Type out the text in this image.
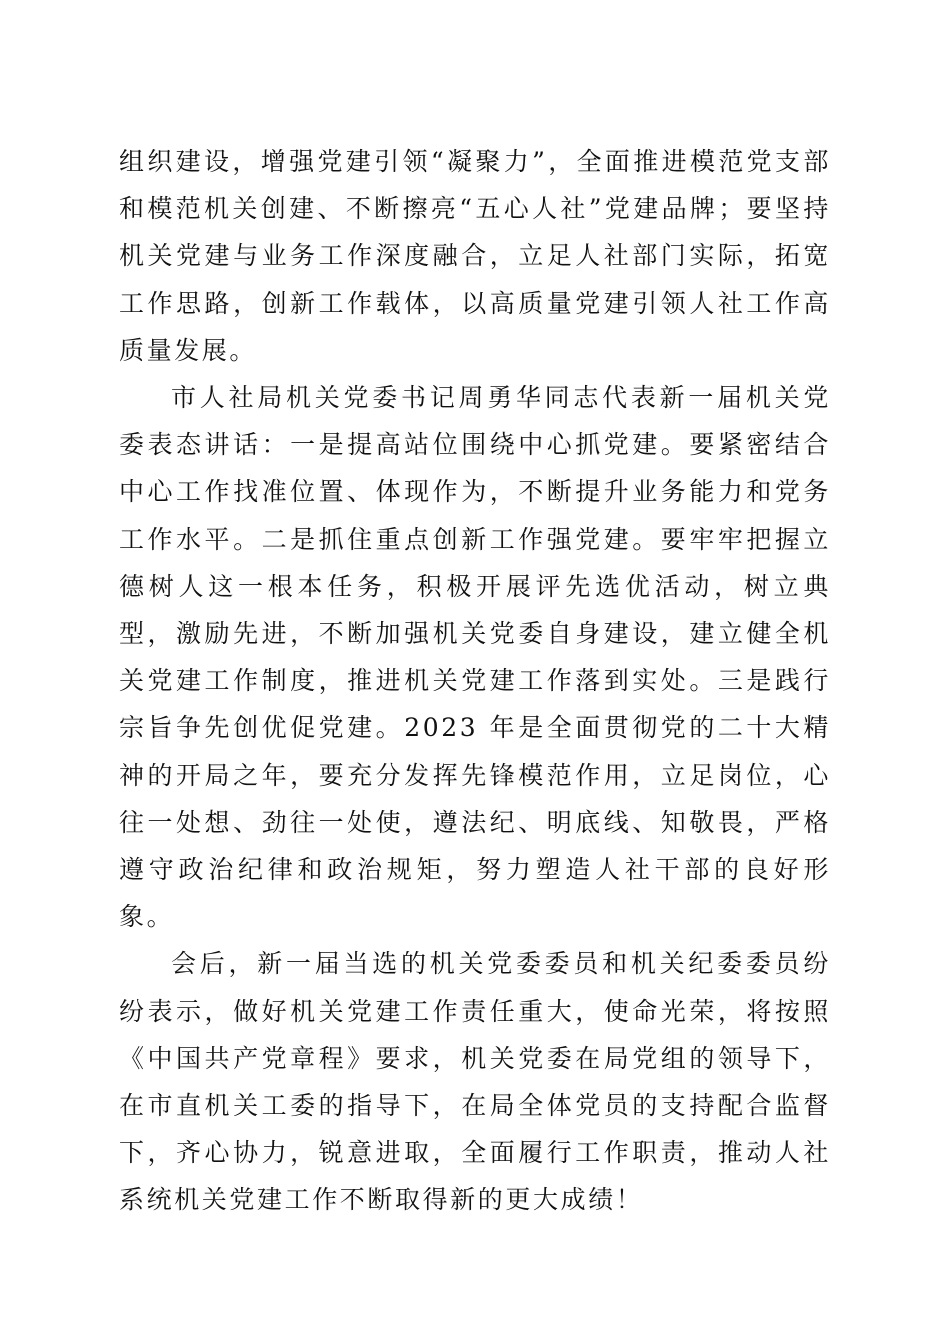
组织建设，增强党建引领“凝聚力”，全面推进模范党支部和模范机关创建、不断擦亮“五心人社”党建品牌；要坚持机关党建与业务工作深度融合，立足人社部门实际，拓宽工作思路，创新工作载体，以高质量党建引领人社工作高质量发展。

市人社局机关党委书记周勇华同志代表新一届机关党委表态讲话：一是提高站位围绕中心抓党建。要紧密结合中心工作找准位置、体现作为，不断提升业务能力和党务工作水平。二是抓住重点创新工作强党建。要牢牢把握立德树人这一根本任务，积极开展评先选优活动，树立典型，激励先进，不断加强机关党委自身建设，建立健全机关党建工作制度，推进机关党建工作落到实处。三是践行宗旨争先创优促党建。2023 年是全面贯彻党的二十大精神的开局之年，要充分发挥先锋模范作用，立足岗位，心往一处想、劲往一处使，遵法纪、明底线、知敬畏，严格遵守政治纪律和政治规矩，努力塑造人社干部的良好形象。

会后，新一届当选的机关党委委员和机关纪委委员纷纷表示，做好机关党建工作责任重大，使命光荣，将按照《中国共产党章程》要求，机关党委在局党组的领导下，在市直机关工委的指导下，在局全体党员的支持配合监督下，齐心协力，锐意进取，全面履行工作职责，推动人社系统机关党建工作不断取得新的更大成绩！
